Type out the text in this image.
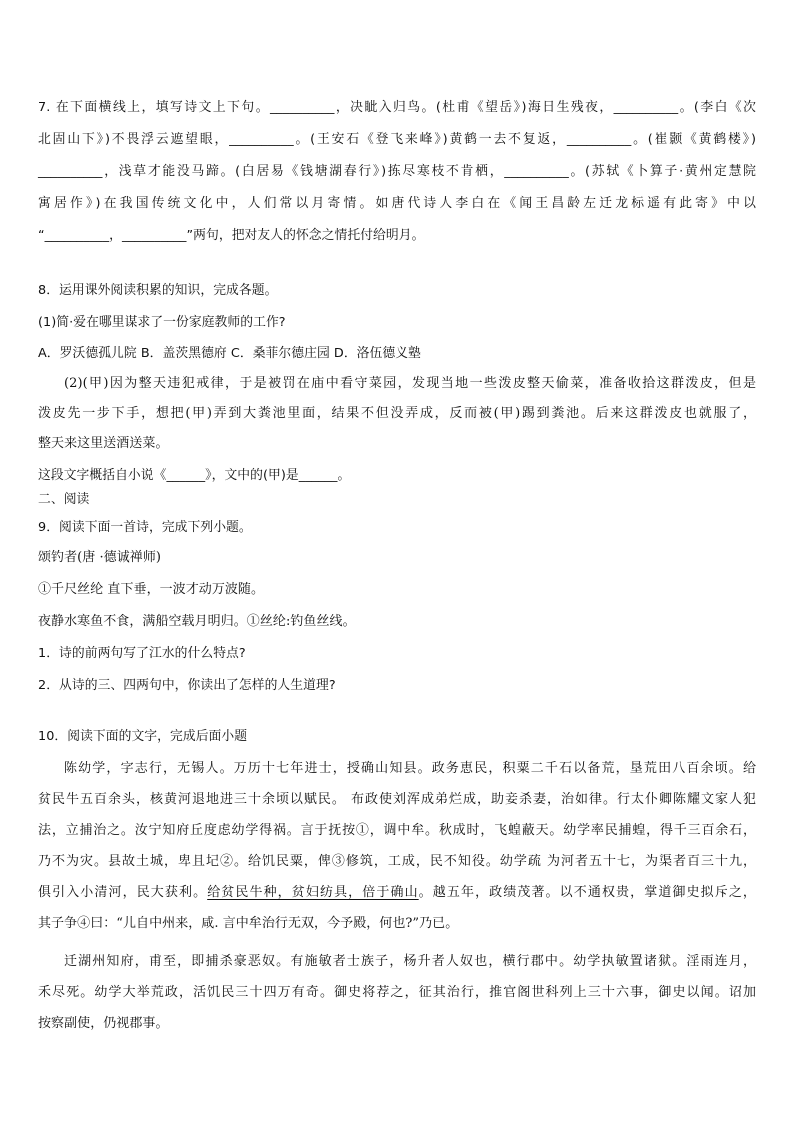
7. 在下面横线上，填写诗文上下句。__________，决眦入归鸟。(杜甫《望岳》)海日生残夜，__________。(李白《次
北固山下》)不畏浮云遮望眼，__________。(王安石《登飞来峰》)黄鹤一去不复返，__________。(崔颢《黄鹤楼》)
__________，浅草才能没马蹄。(白居易《钱塘湖春行》)拣尽寒枝不肯栖，__________。(苏轼《卜算子·黄州定慧院
寓居作》)在我国传统文化中，人们常以月寄情。如唐代诗人李白在《闻王昌龄左迁龙标遥有此寄》中以
“__________，__________”两句，把对友人的怀念之情托付给明月。
8．运用课外阅读积累的知识，完成各题。
(1)简·爱在哪里谋求了一份家庭教师的工作?
A．罗沃德孤儿院 B．盖茨黑德府 C．桑菲尔德庄园 D．洛伍德义塾
(2)(甲)因为整天违犯戒律，于是被罚在庙中看守菜园，发现当地一些泼皮整天偷菜，准备收拾这群泼皮，但是
泼皮先一步下手，想把(甲)弄到大粪池里面，结果不但没弄成，反而被(甲)踢到粪池。后来这群泼皮也就服了，
整天来这里送酒送菜。
这段文字概括自小说《______》，文中的(甲)是______。
二、阅读
9．阅读下面一首诗，完成下列小题。
颂钓者(唐 ·德诚禅师)
①千尺丝纶 直下垂，一波才动万波随。
夜静水寒鱼不食，满船空载月明归。①丝纶:钓鱼丝线。
1．诗的前两句写了江水的什么特点?
2．从诗的三、四两句中，你读出了怎样的人生道理?
10．阅读下面的文字，完成后面小题
陈幼学，字志行，无锡人。万历十七年进士，授确山知县。政务恵民，积粟二千石以备荒，垦荒田八百余顷。给
贫民牛五百余头，核黄河退地进三十余顷以赋民。 布政使刘浑成弟烂成，助妾杀妻，治如律。行太仆卿陈耀文家人犯
法，立捕治之。汝宁知府丘度虑幼学得祸。言于抚按①，调中牟。秋成时，飞蝗蔽天。幼学率民捕蝗，得千三百余石，
乃不为灾。县故土城，卑且圮②。给饥民粟，俾③修筑，工成，民不知役。幼学疏 为河者五十七，为渠者百三十九，
俱引入小清河，民大获利。给贫民牛种，贫妇纺具，倍于确山。越五年，政绩茂著。以不通权贵，掌道御史拟斥之，
其子争④曰：“儿自中州来，咸. 言中牟治行无双，今予殿，何也?”乃已。
迁湖州知府，甫至，即捕杀豪恶奴。有施敏者士族子，杨升者人奴也，横行郡中。幼学执敏置诸狱。淫雨连月，
禾尽死。幼学大举荒政，活饥民三十四万有奇。御史将荐之，征其治行，推官阁世科列上三十六事，御史以闻。诏加
按察副使，仍视郡事。
